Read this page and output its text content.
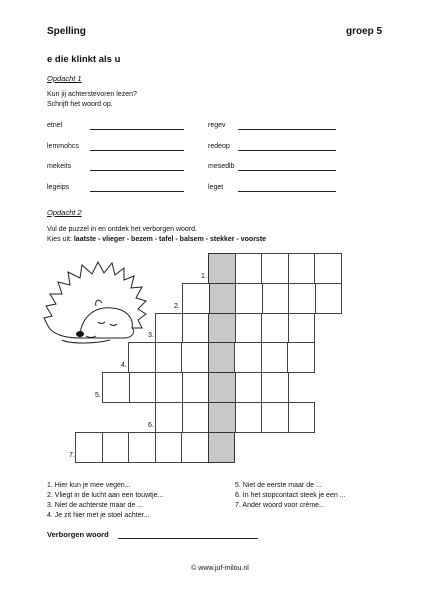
Spelling	groep 5
e die klinkt als u
Opdacht 1
Kun jij achterstevoren lezen?
Schrijft het woord op.
etnel
lemmohcs
mekeits
legeips
regev
redeop
mesedlb
leget
Opdacht 2
Vul de puzzel in en ontdek het verborgen woord.
Kies uit: laatste - vlieger - bezem - tafel - balsem - stekker - voorste
1.
2.
3.
4.
5.
6.
7.
1. Hier kun je mee vegen...
2. Vliegt in de lucht aan een touwtje...
3. Niet de achterste maar de ...
4. Je zit hier met je stoel achter...
5. Niet de eerste maar de ...
6. In het stopcontact steek je een ...
7. Ander woord voor crème...
Verborgen woord
© www.juf-milou.nl
